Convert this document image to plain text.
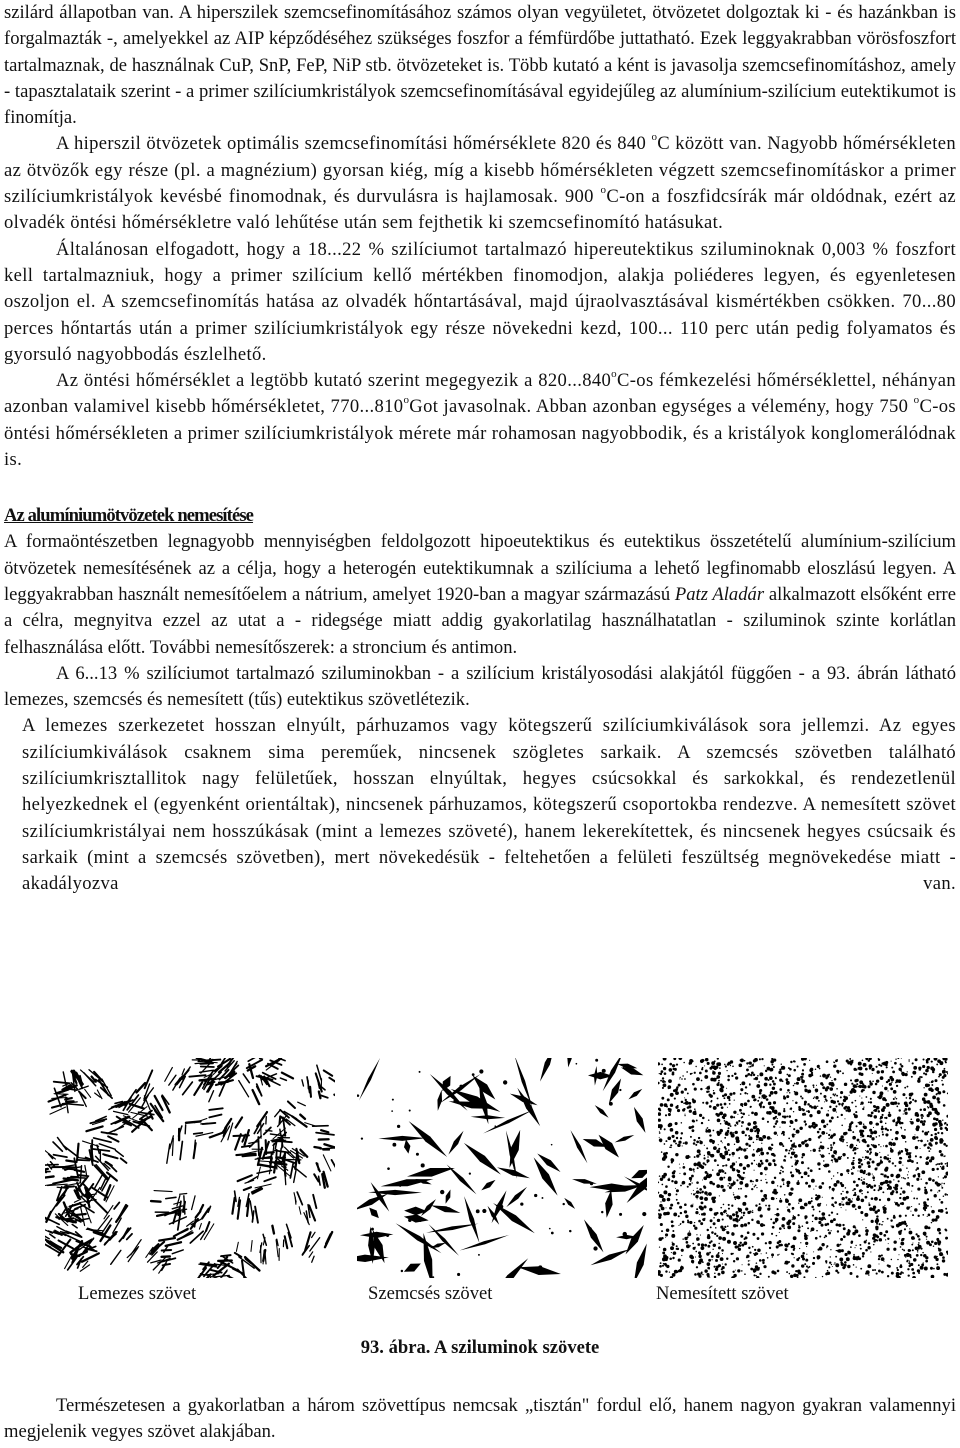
szilárd állapotban van. A hiperszilek szemcsefinomításához számos olyan vegyületet, ötvözetet dolgoztak ki - és hazánkban is forgalmazták -, amelyekkel az AIP képződéséhez szükséges foszfor a fémfürdőbe juttatható. Ezek leggyakrabban vörösfoszfort tartalmaznak, de használnak CuP, SnP, FeP, NiP stb. ötvözeteket is. Több kutató a ként is javasolja szemcsefinomításhoz, amely - tapasztalataik szerint - a primer szilíciumkristályok szemcsefinomításával egyidejűleg az alumínium-szilícium eutektikumot is finomítja.

A hiperszil ötvözetek optimális szemcsefinomítási hőmérséklete 820 és 840 $^o$C között van. Nagyobb hőmérsékleten az ötvözők egy része (pl. a magnézium) gyorsan kiég, míg a kisebb hőmérsékleten végzett szemcsefinomításkor a primer szilíciumkristályok kevésbé finomodnak, és durvulásra is hajlamosak. 900 $^o$C-on a foszfidcsírák már oldódnak, ezért az olvadék öntési hőmérsékletre való lehűtése után sem fejthetik ki szemcsefinomító hatásukat.

Általánosan elfogadott, hogy a 18...22 % szilíciumot tartalmazó hipereutektikus sziluminoknak 0,003 % foszfort kell tartalmazniuk, hogy a primer szilícium kellő mértékben finomodjon, alakja poliéderes legyen, és egyenletesen oszoljon el. A szemcsefinomítás hatása az olvadék hőntartásával, majd újraolvasztásával kismértékben csökken. 70...80 perces hőntartás után a primer szilíciumkristályok egy része növekedni kezd, 100... 110 perc után pedig folyamatos és gyorsuló nagyobbodás észlelhető.

Az öntési hőmérséklet a legtöbb kutató szerint megegyezik a 820...840$^o$C-os fémkezelési hőmérséklettel, néhányan azonban valamivel kisebb hőmérsékletet, 770...810$^o$Got javasolnak. Abban azonban egységes a vélemény, hogy 750 $^o$C-os öntési hőmérsékleten a primer szilíciumkristályok mérete már rohamosan nagyobbodik, és a kristályok konglomerálódnak is.

Az alumíniumötvözetek nemesítése

A formaöntészetben legnagyobb mennyiségben feldolgozott hipoeutektikus és eutektikus összetételű alumínium-szilícium ötvözetek nemesítésének az a célja, hogy a heterogén eutektikumnak a szilíciuma a lehető legfinomabb eloszlású legyen. A leggyakrabban használt nemesítőelem a nátrium, amelyet 1920-ban a magyar származású Patz Aladár alkalmazott elsőként erre a célra, megnyitva ezzel az utat a - ridegsége miatt addig gyakorlatilag használhatatlan - sziluminok szinte korlátlan felhasználása előtt. További nemesítőszerek: a stroncium és antimon.

A 6...13 % szilíciumot tartalmazó sziluminokban - a szilícium kristályosodási alakjától függően - a 93. ábrán látható lemezes, szemcsés és nemesített (tűs) eutektikus szövetlétezik.

A lemezes szerkezetet hosszan elnyúlt, párhuzamos vagy kötegszerű szilíciumkiválások sora jellemzi. Az egyes szilíciumkiválások csaknem sima pereműek, nincsenek szögletes sarkaik. A szemcsés szövetben található szilíciumkrisztallitok nagy felületűek, hosszan elnyúltak, hegyes csúcsokkal és sarkokkal, és rendezetlenül helyezkednek el (egyenként orientáltak), nincsenek párhuzamos, kötegszerű csoportokba rendezve. A nemesített szövet szilíciumkristályai nem hosszúkásak (mint a lemezes szöveté), hanem lekerekítettek, és nincsenek hegyes csúcsaik és sarkaik (mint a szemcsés szövetben), mert növekedésük - feltehetően a felületi feszültség megnövekedése miatt - akadályozva van.

Lemezes szövet	Szemcsés szövet	Nemesített szövet
93. ábra. A sziluminok szövete

Természetesen a gyakorlatban a három szövettípus nemcsak „tisztán" fordul elő, hanem nagyon gyakran valamennyi megjelenik vegyes szövet alakjában.
